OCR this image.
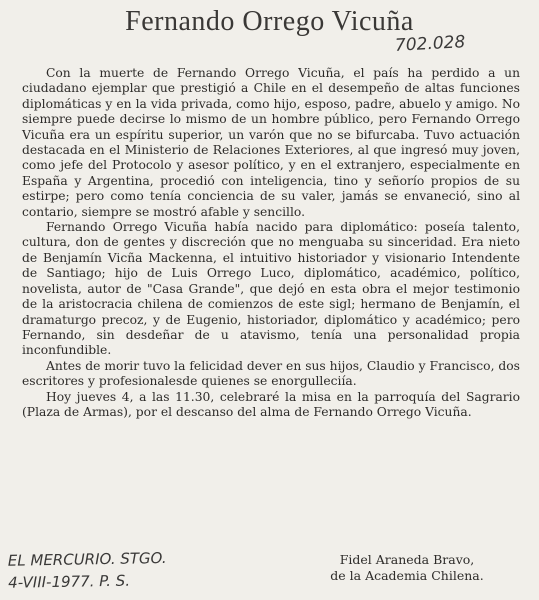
Fernando Orrego Vicuña
702.028

Con la muerte de Fernando Orrego Vicuña, el país ha perdido a un ciudadano ejemplar que prestigió a Chile en el desempeño de altas funciones diplomáticas y en la vida privada, como hijo, esposo, padre, abuelo y amigo. No siempre puede decirse lo mismo de un hombre público, pero Fernando Orrego Vicuña era un espíritu superior, un varón que no se bifurcaba. Tuvo actuación destacada en el Ministerio de Relaciones Exteriores, al que ingresó muy joven, como jefe del Protocolo y asesor político, y en el extranjero, especialmente en España y Argentina, procedió con inteligencia, tino y señorío propios de su estirpe; pero como tenía conciencia de su valer, jamás se envaneció, sino al contario, siempre se mostró afable y sencillo.

Fernando Orrego Vicuña había nacido para diplomático: poseía talento, cultura, don de gentes y discreción que no menguaba su sinceridad. Era nieto de Benjamín Vicña Mackenna, el intuitivo historiador y visionario Intendente de Santiago; hijo de Luis Orrego Luco, diplomático, académico, político, novelista, autor de "Casa Grande", que dejó en esta obra el mejor testimonio de la aristocracia chilena de comienzos de este sigl; hermano de Benjamín, el dramaturgo precoz, y de Eugenio, historiador, diplomático y académico; pero Fernando, sin desdeñar de u atavismo, tenía una personalidad propia inconfundible.

Antes de morir tuvo la felicidad dever en sus hijos, Claudio y Francisco, dos escritores y profesionalesde quienes se enorgulleciía.

Hoy jueves 4, a las 11.30, celebraré la misa en la parroquía del Sagrario (Plaza de Armas), por el descanso del alma de Fernando Orrego Vicuña.

EL MERCURIO. STGO.
4-VIII-1977. P. S.
Fidel Araneda Bravo,
de la Academia Chilena.
